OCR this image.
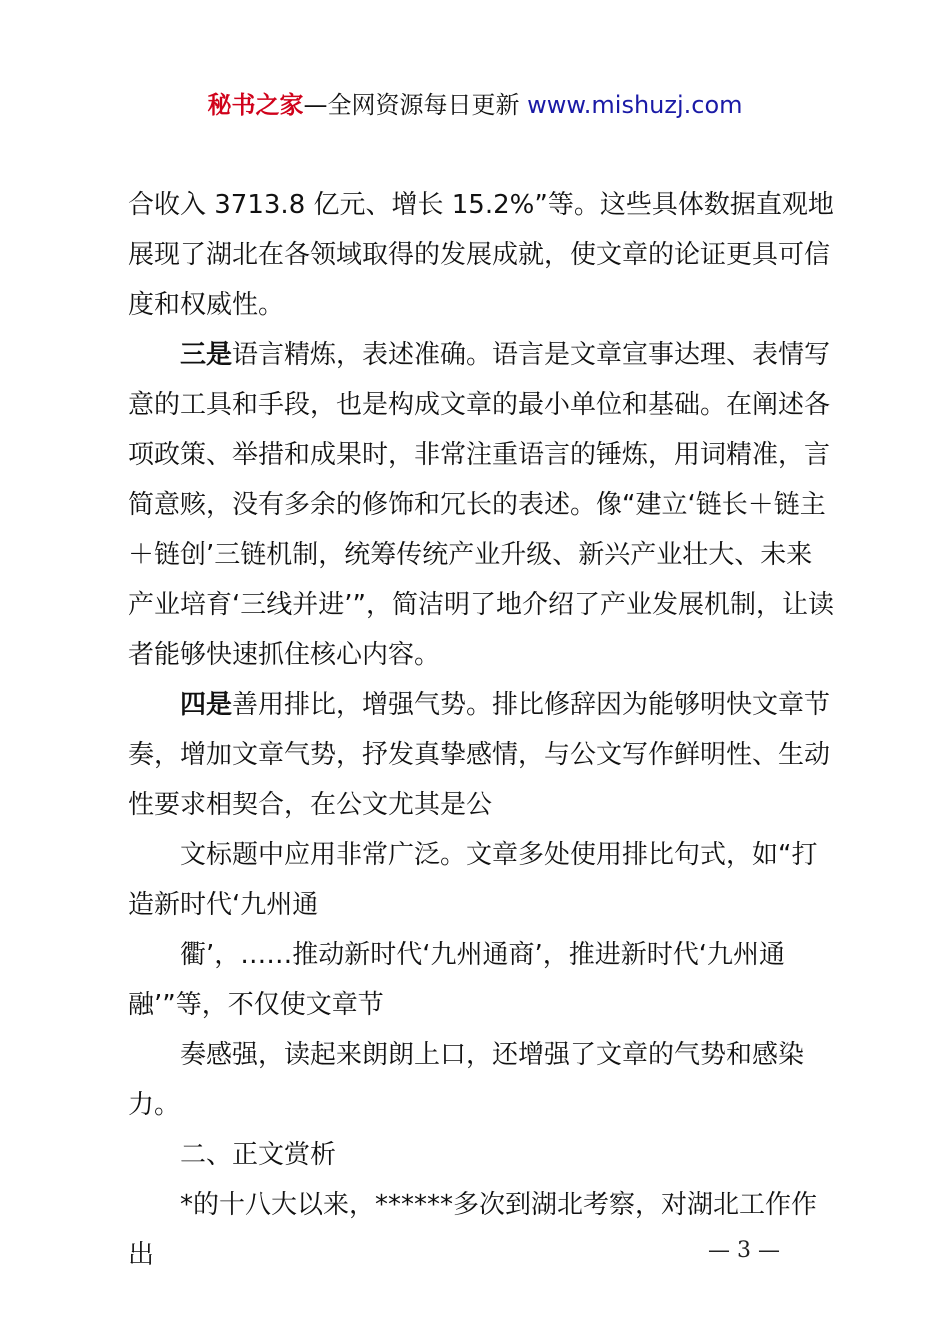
秘书之家—全网资源每日更新 www.mishuzj.com

合收入 3713.8 亿元、增长 15.2%”等。这些具体数据直观地展现了湖北在各领域取得的发展成就，使文章的论证更具可信度和权威性。

三是语言精炼，表述准确。语言是文章宣事达理、表情写意的工具和手段，也是构成文章的最小单位和基础。在阐述各项政策、举措和成果时，非常注重语言的锤炼，用词精准，言简意赅，没有多余的修饰和冗长的表述。像“建立‘链长＋链主＋链创’三链机制，统筹传统产业升级、新兴产业壮大、未来产业培育‘三线并进’”，简洁明了地介绍了产业发展机制，让读者能够快速抓住核心内容。

四是善用排比，增强气势。排比修辞因为能够明快文章节奏，增加文章气势，抒发真挚感情，与公文写作鲜明性、生动性要求相契合，在公文尤其是公

文标题中应用非常广泛。文章多处使用排比句式，如“打造新时代‘九州通

衢’，……推动新时代‘九州通商’，推进新时代‘九州通融’”等，不仅使文章节

奏感强，读起来朗朗上口，还增强了文章的气势和感染力。

二、正文赏析

*的十八大以来，******多次到湖北考察，对湖北工作作出	— 3 —
